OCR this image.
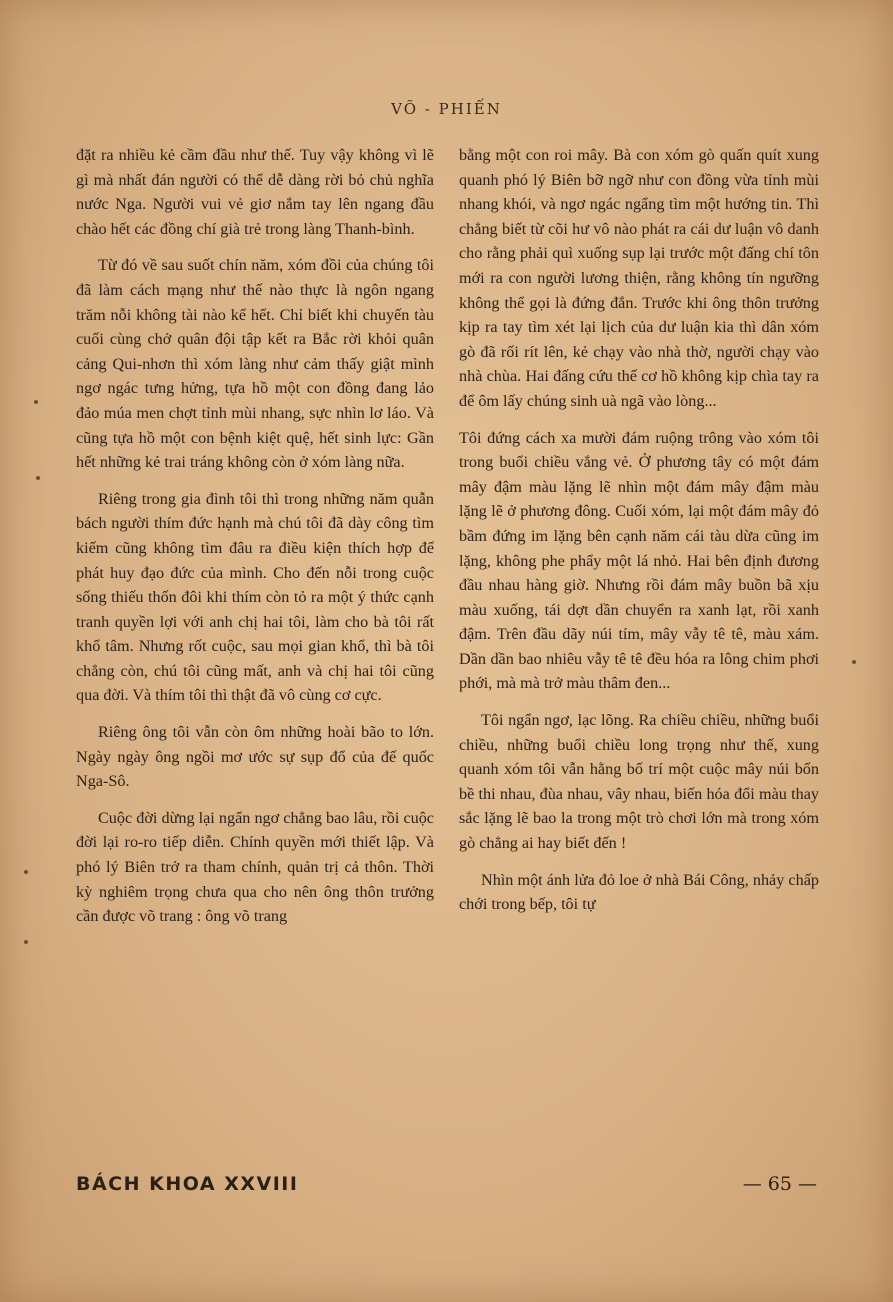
VÕ - PHIẾN

đặt ra nhiều kẻ cầm đầu như thế. Tuy vậy không vì lẽ gì mà nhất đán người có thể dễ dàng rời bỏ chủ nghĩa nước Nga. Người vui vẻ giơ nắm tay lên ngang đầu chào hết các đồng chí già trẻ trong làng Thanh-bình.

Từ đó về sau suốt chín năm, xóm đồi của chúng tôi đã làm cách mạng như thế nào thực là ngôn ngang trăm nỗi không tài nào kể hết. Chỉ biết khi chuyến tàu cuối cùng chở quân đội tập kết ra Bắc rời khỏi quân cảng Qui-nhơn thì xóm làng như cảm thấy giật mình ngơ ngác tưng hửng, tựa hồ một con đồng đang lảo đảo múa men chợt tỉnh mùi nhang, sực nhìn lơ láo. Và cũng tựa hồ một con bệnh kiệt quệ, hết sinh lực: Gần hết những kẻ trai tráng không còn ở xóm làng nữa.

Riêng trong gia đình tôi thì trong những năm quẫn bách người thím đức hạnh mà chú tôi đã dày công tìm kiếm cũng không tìm đâu ra điều kiện thích hợp để phát huy đạo đức của mình. Cho đến nỗi trong cuộc sống thiếu thốn đôi khi thím còn tỏ ra một ý thức cạnh tranh quyền lợi với anh chị hai tôi, làm cho bà tôi rất khổ tâm. Nhưng rốt cuộc, sau mọi gian khổ, thì bà tôi chẳng còn, chú tôi cũng mất, anh và chị hai tôi cũng qua đời. Và thím tôi thì thật đã vô cùng cơ cực.

Riêng ông tôi vẫn còn ôm những hoài bão to lớn. Ngày ngày ông ngồi mơ ước sự sụp đổ của đế quốc Nga-Sô.

Cuộc đời dừng lại ngẩn ngơ chẳng bao lâu, rồi cuộc đời lại ro-ro tiếp diễn. Chính quyền mới thiết lập. Và phó lý Biên trở ra tham chính, quản trị cả thôn. Thời kỳ nghiêm trọng chưa qua cho nên ông thôn trưởng cần được võ trang : ông võ trang

bằng một con roi mây. Bà con xóm gò quấn quít xung quanh phó lý Biên bỡ ngỡ như con đồng vừa tỉnh mùi nhang khói, và ngơ ngác ngẩng tìm một hướng tin. Thì chẳng biết từ cõi hư vô nào phát ra cái dư luận vô danh cho rằng phải quì xuống sụp lại trước một đấng chí tôn mới ra con người lương thiện, rằng không tín ngưỡng không thể gọi là đứng đắn. Trước khi ông thôn trưởng kịp ra tay tìm xét lại lịch của dư luận kia thì dân xóm gò đã rối rít lên, kẻ chạy vào nhà thờ, người chạy vào nhà chùa. Hai đấng cứu thế cơ hồ không kịp chìa tay ra để ôm lấy chúng sinh uà ngã vào lòng...

Tôi đứng cách xa mười đám ruộng trông vào xóm tôi trong buổi chiều vắng vẻ. Ở phương tây có một đám mây đậm màu lặng lẽ nhìn một đám mây đậm màu lặng lẽ ở phương đông. Cuối xóm, lại một đám mây đỏ bầm đứng im lặng bên cạnh năm cái tàu dừa cũng im lặng, không phe phẩy một lá nhỏ. Hai bên định đương đầu nhau hàng giờ. Nhưng rồi đám mây buồn bã xịu màu xuống, tái dợt dần chuyển ra xanh lạt, rồi xanh đậm. Trên đầu dãy núi tím, mây vẫy tê tê, màu xám. Dần dần bao nhiêu vẫy tê tê đều hóa ra lông chim phơi phới, mà mà trở màu thâm đen...

Tôi ngẩn ngơ, lạc lõng. Ra chiều chiều, những buổi chiều, những buổi chiều long trọng như thế, xung quanh xóm tôi vẫn hằng bố trí một cuộc mây núi bốn bề thi nhau, đùa nhau, vây nhau, biến hóa đổi màu thay sắc lặng lẽ bao la trong một trò chơi lớn mà trong xóm gò chẳng ai hay biết đến !

Nhìn một ánh lửa đỏ loe ở nhà Bái Công, nhảy chấp chới trong bếp, tôi tự

BÁCH KHOA XXVIII	— 65 —
